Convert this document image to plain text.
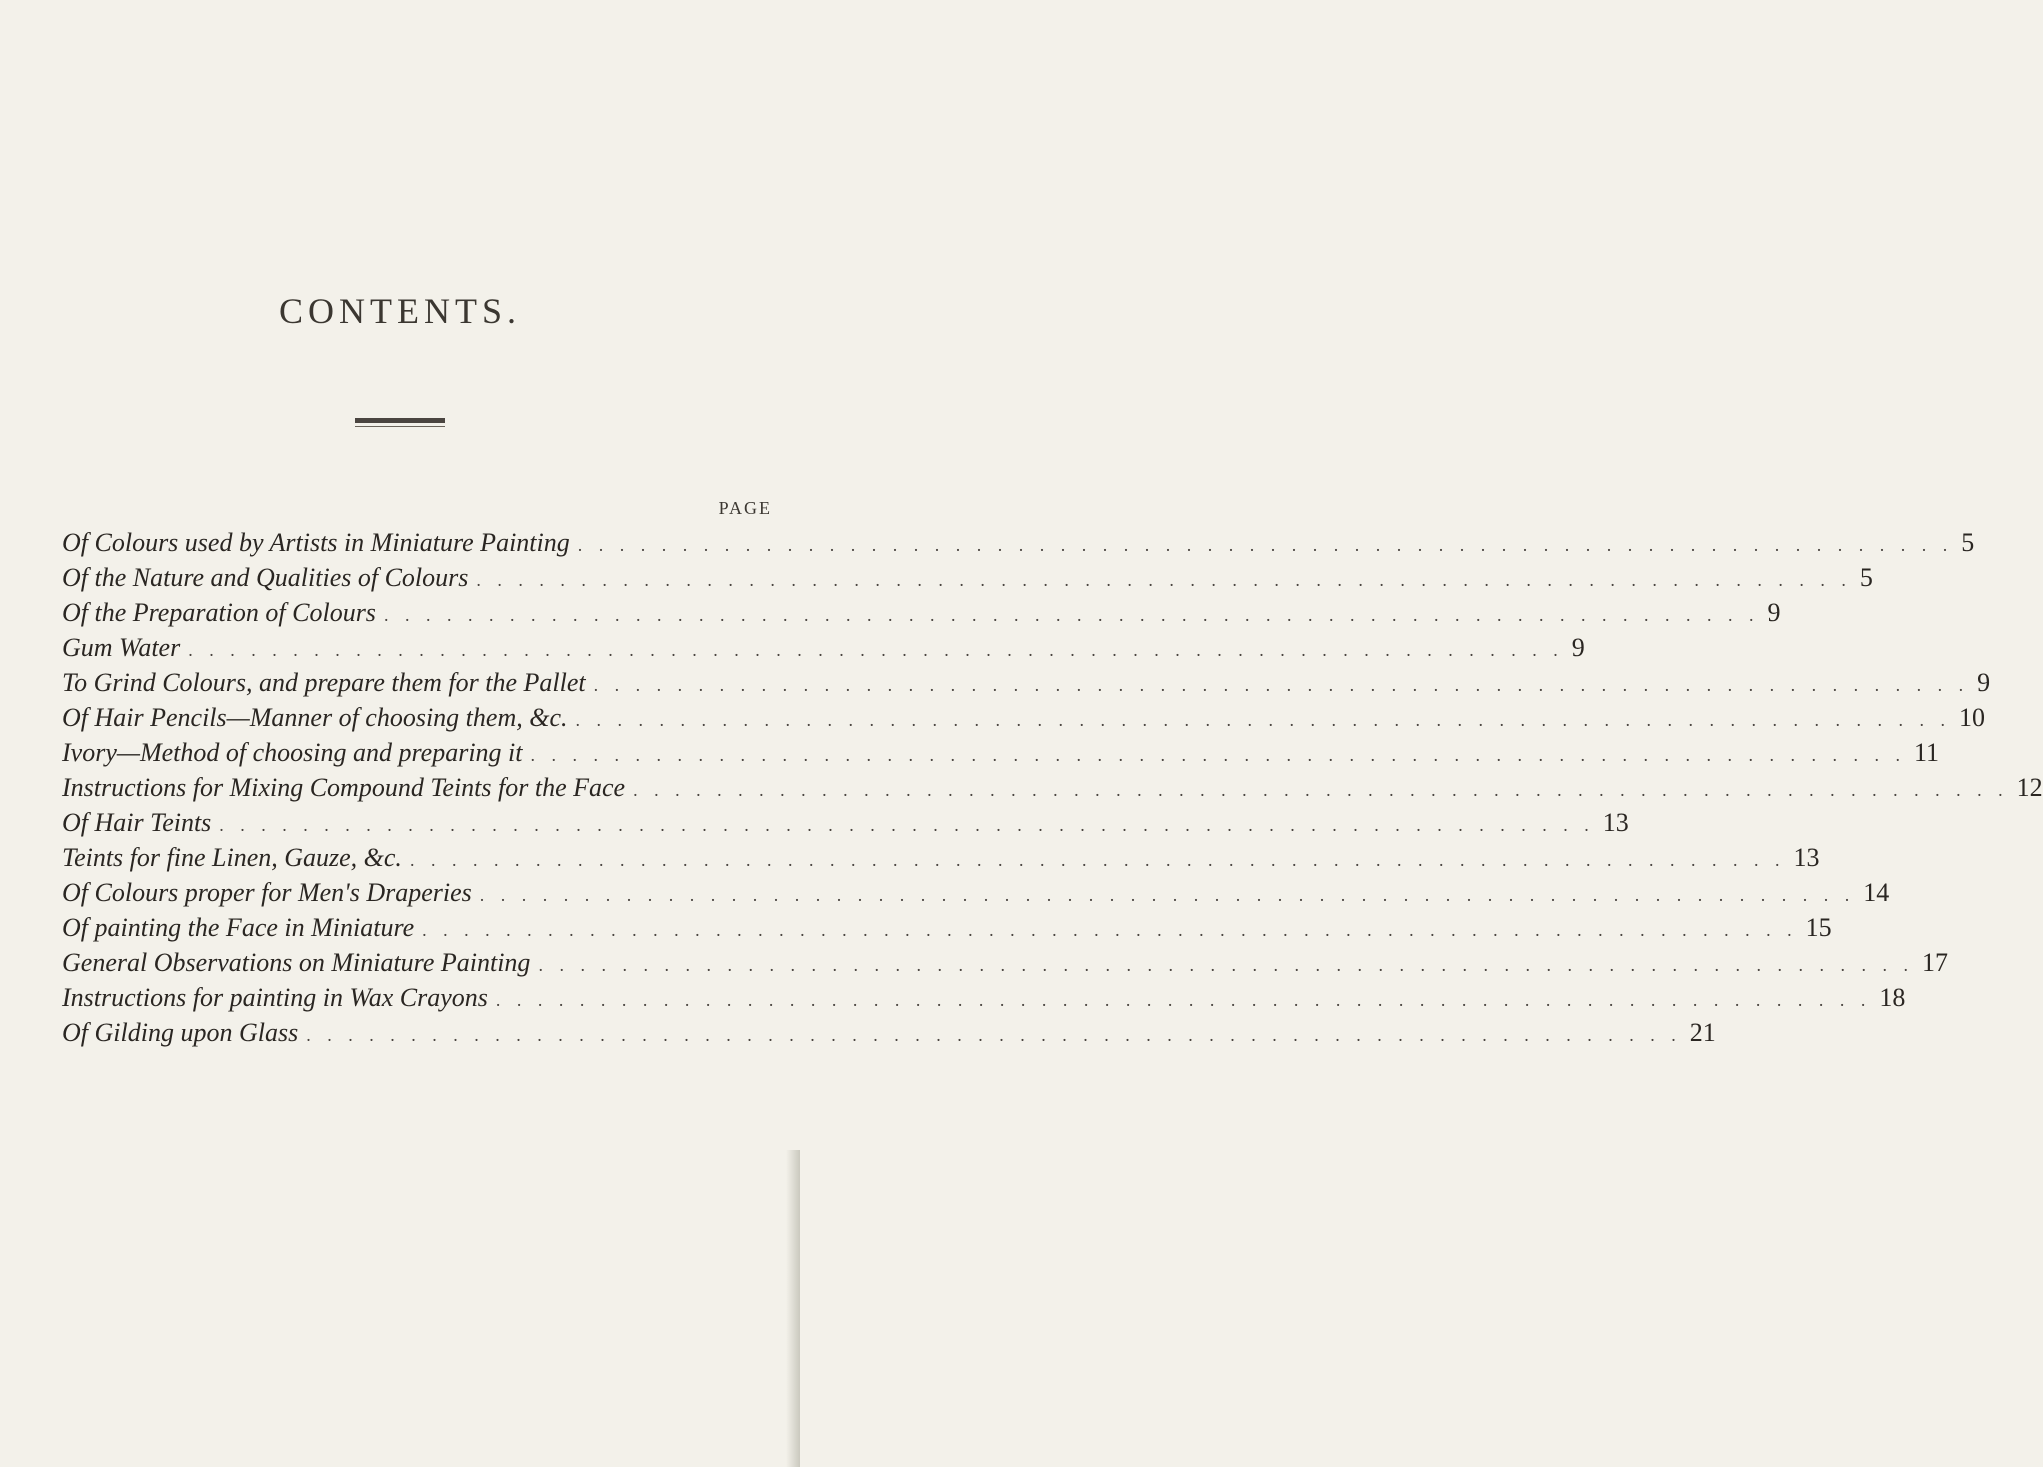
CONTENTS.
PAGE
Of Colours used by Artists in Miniature Painting . . . . . . . . . . . . . . . . . . . . . . . . . . . . . . . . . . . . . . . . . . . . . . . . . . . . . . . . . . . . . . . . . . 5
Of the Nature and Qualities of Colours . . . . . . . . . . . . . . . . . . . . . . . . . . . . . . . . . . . . . . . . . . . . . . . . . . . . . . . . . . . . . . . . . . 5
Of the Preparation of Colours . . . . . . . . . . . . . . . . . . . . . . . . . . . . . . . . . . . . . . . . . . . . . . . . . . . . . . . . . . . . . . . . . . 9
Gum Water . . . . . . . . . . . . . . . . . . . . . . . . . . . . . . . . . . . . . . . . . . . . . . . . . . . . . . . . . . . . . . . . . . 9
To Grind Colours, and prepare them for the Pallet . . . . . . . . . . . . . . . . . . . . . . . . . . . . . . . . . . . . . . . . . . . . . . . . . . . . . . . . . . . . . . . . . . 9
Of Hair Pencils—Manner of choosing them, &c. . . . . . . . . . . . . . . . . . . . . . . . . . . . . . . . . . . . . . . . . . . . . . . . . . . . . . . . . . . . . . . . . . . 10
Ivory—Method of choosing and preparing it . . . . . . . . . . . . . . . . . . . . . . . . . . . . . . . . . . . . . . . . . . . . . . . . . . . . . . . . . . . . . . . . . . 11
Instructions for Mixing Compound Teints for the Face . . . . . . . . . . . . . . . . . . . . . . . . . . . . . . . . . . . . . . . . . . . . . . . . . . . . . . . . . . . . . . . . . . 12
Of Hair Teints . . . . . . . . . . . . . . . . . . . . . . . . . . . . . . . . . . . . . . . . . . . . . . . . . . . . . . . . . . . . . . . . . . 13
Teints for fine Linen, Gauze, &c. . . . . . . . . . . . . . . . . . . . . . . . . . . . . . . . . . . . . . . . . . . . . . . . . . . . . . . . . . . . . . . . . . . 13
Of Colours proper for Men's Draperies . . . . . . . . . . . . . . . . . . . . . . . . . . . . . . . . . . . . . . . . . . . . . . . . . . . . . . . . . . . . . . . . . . 14
Of painting the Face in Miniature . . . . . . . . . . . . . . . . . . . . . . . . . . . . . . . . . . . . . . . . . . . . . . . . . . . . . . . . . . . . . . . . . . 15
General Observations on Miniature Painting . . . . . . . . . . . . . . . . . . . . . . . . . . . . . . . . . . . . . . . . . . . . . . . . . . . . . . . . . . . . . . . . . . 17
Instructions for painting in Wax Crayons . . . . . . . . . . . . . . . . . . . . . . . . . . . . . . . . . . . . . . . . . . . . . . . . . . . . . . . . . . . . . . . . . . 18
Of Gilding upon Glass . . . . . . . . . . . . . . . . . . . . . . . . . . . . . . . . . . . . . . . . . . . . . . . . . . . . . . . . . . . . . . . . . . 21
